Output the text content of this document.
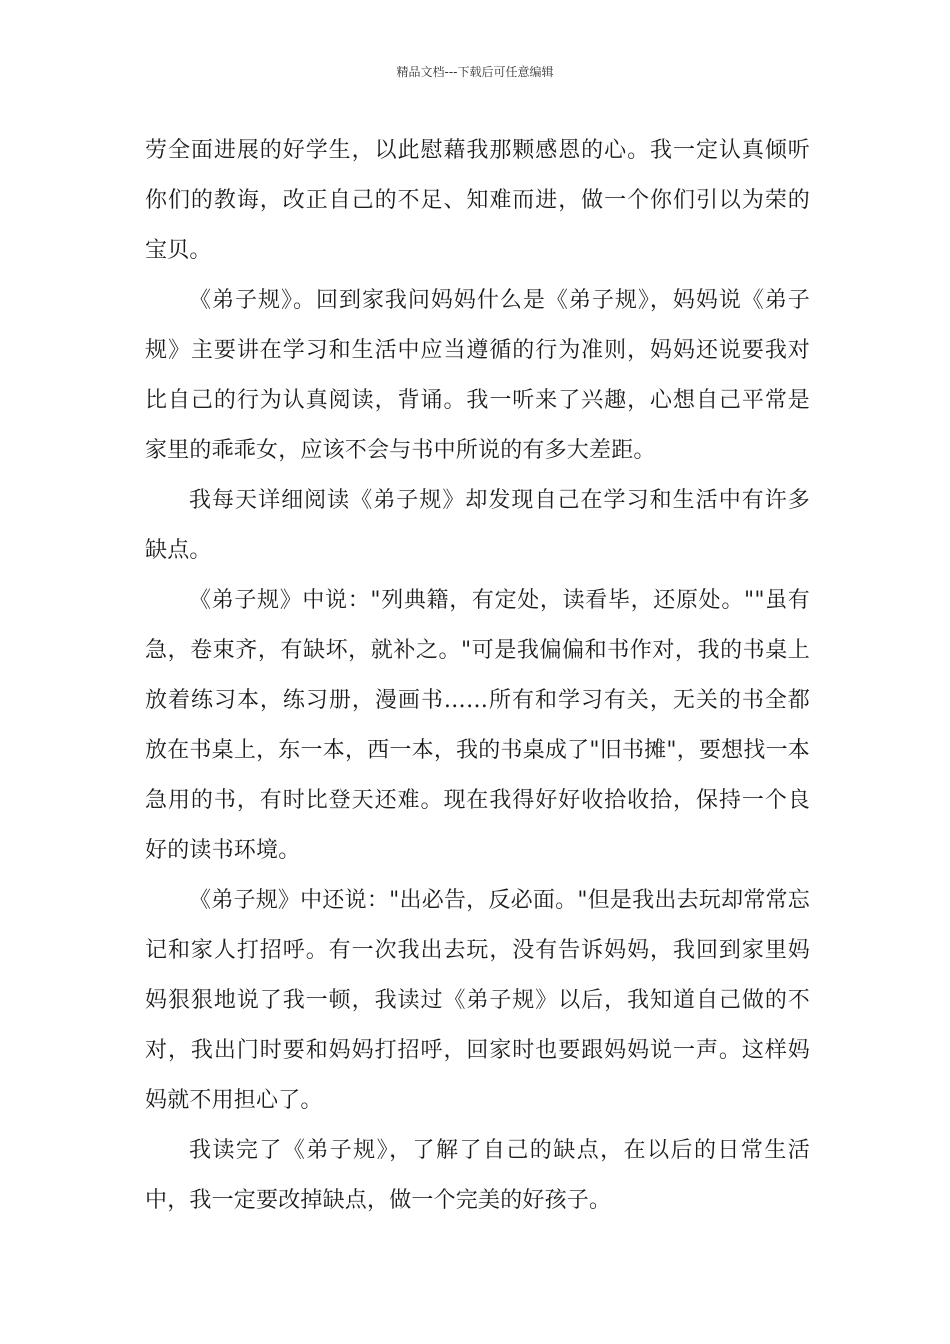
精品文档---下载后可任意编辑

劳全面进展的好学生，以此慰藉我那颗感恩的心。我一定认真倾听你们的教诲，改正自己的不足、知难而进，做一个你们引以为荣的宝贝。

《弟子规》。回到家我问妈妈什么是《弟子规》，妈妈说《弟子规》主要讲在学习和生活中应当遵循的行为准则，妈妈还说要我对比自己的行为认真阅读，背诵。我一听来了兴趣，心想自己平常是家里的乖乖女，应该不会与书中所说的有多大差距。

我每天详细阅读《弟子规》却发现自己在学习和生活中有许多缺点。

《弟子规》中说："列典籍，有定处，读看毕，还原处。""虽有急，卷束齐，有缺坏，就补之。"可是我偏偏和书作对，我的书桌上放着练习本，练习册，漫画书……所有和学习有关，无关的书全都放在书桌上，东一本，西一本，我的书桌成了"旧书摊"，要想找一本急用的书，有时比登天还难。现在我得好好收拾收拾，保持一个良好的读书环境。

《弟子规》中还说："出必告，反必面。"但是我出去玩却常常忘记和家人打招呼。有一次我出去玩，没有告诉妈妈，我回到家里妈妈狠狠地说了我一顿，我读过《弟子规》以后，我知道自己做的不对，我出门时要和妈妈打招呼，回家时也要跟妈妈说一声。这样妈妈就不用担心了。

我读完了《弟子规》，了解了自己的缺点，在以后的日常生活中，我一定要改掉缺点，做一个完美的好孩子。
